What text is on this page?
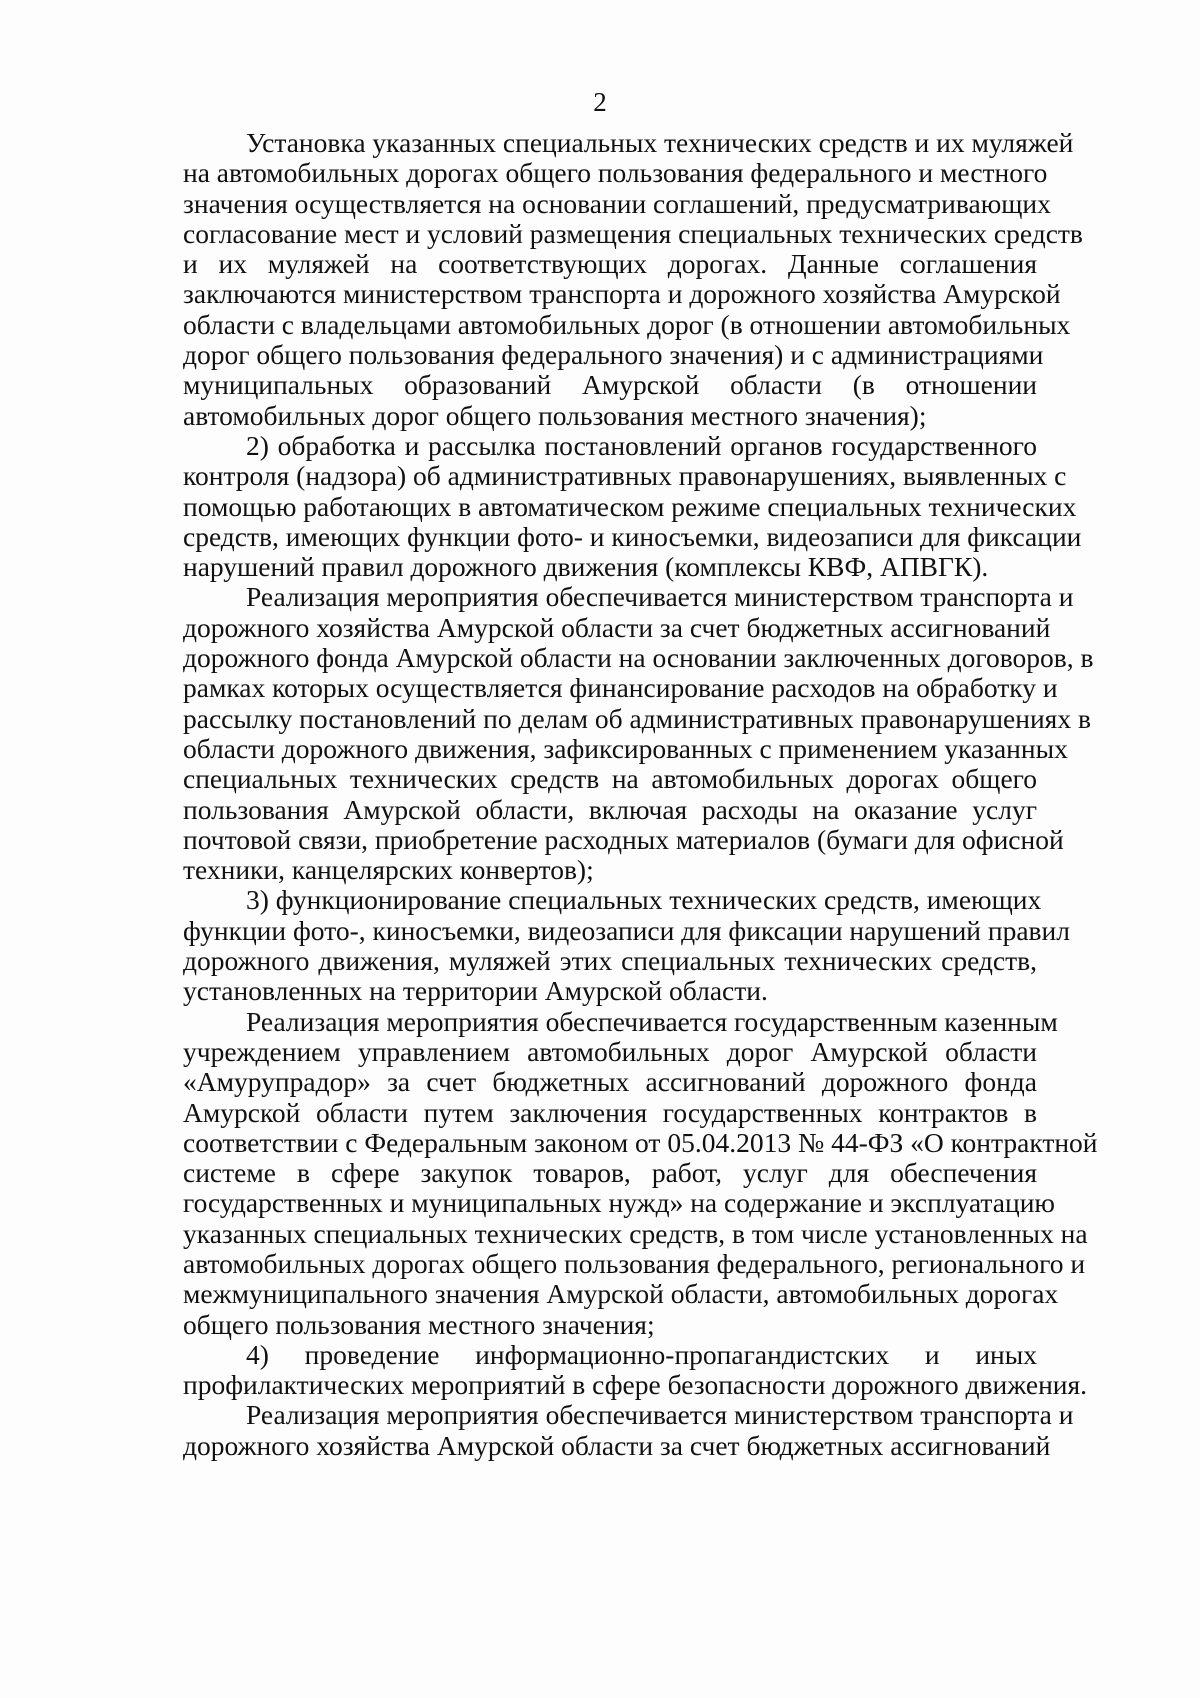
2
Установка указанных специальных технических средств и их муляжей
на автомобильных дорогах общего пользования федерального и местного
значения осуществляется на основании соглашений, предусматривающих
согласование мест и условий размещения специальных технических средств
и их муляжей на соответствующих дорогах. Данные соглашения
заключаются министерством транспорта и дорожного хозяйства Амурской
области с владельцами автомобильных дорог (в отношении автомобильных
дорог общего пользования федерального значения) и с администрациями
муниципальных образований Амурской области (в отношении
автомобильных дорог общего пользования местного значения);
2) обработка и рассылка постановлений органов государственного
контроля (надзора) об административных правонарушениях, выявленных с
помощью работающих в автоматическом режиме специальных технических
средств, имеющих функции фото- и киносъемки, видеозаписи для фиксации
нарушений правил дорожного движения (комплексы КВФ, АПВГК).
Реализация мероприятия обеспечивается министерством транспорта и
дорожного хозяйства Амурской области за счет бюджетных ассигнований
дорожного фонда Амурской области на основании заключенных договоров, в
рамках которых осуществляется финансирование расходов на обработку и
рассылку постановлений по делам об административных правонарушениях в
области дорожного движения, зафиксированных с применением указанных
специальных технических средств на автомобильных дорогах общего
пользования Амурской области, включая расходы на оказание услуг
почтовой связи, приобретение расходных материалов (бумаги для офисной
техники, канцелярских конвертов);
3) функционирование специальных технических средств, имеющих
функции фото-, киносъемки, видеозаписи для фиксации нарушений правил
дорожного движения, муляжей этих специальных технических средств,
установленных на территории Амурской области.
Реализация мероприятия обеспечивается государственным казенным
учреждением управлением автомобильных дорог Амурской области
«Амурупрадор» за счет бюджетных ассигнований дорожного фонда
Амурской области путем заключения государственных контрактов в
соответствии с Федеральным законом от 05.04.2013 № 44-ФЗ «О контрактной
системе в сфере закупок товаров, работ, услуг для обеспечения
государственных и муниципальных нужд» на содержание и эксплуатацию
указанных специальных технических средств, в том числе установленных на
автомобильных дорогах общего пользования федерального, регионального и
межмуниципального значения Амурской области, автомобильных дорогах
общего пользования местного значения;
4) проведение информационно-пропагандистских и иных
профилактических мероприятий в сфере безопасности дорожного движения.
Реализация мероприятия обеспечивается министерством транспорта и
дорожного хозяйства Амурской области за счет бюджетных ассигнований
